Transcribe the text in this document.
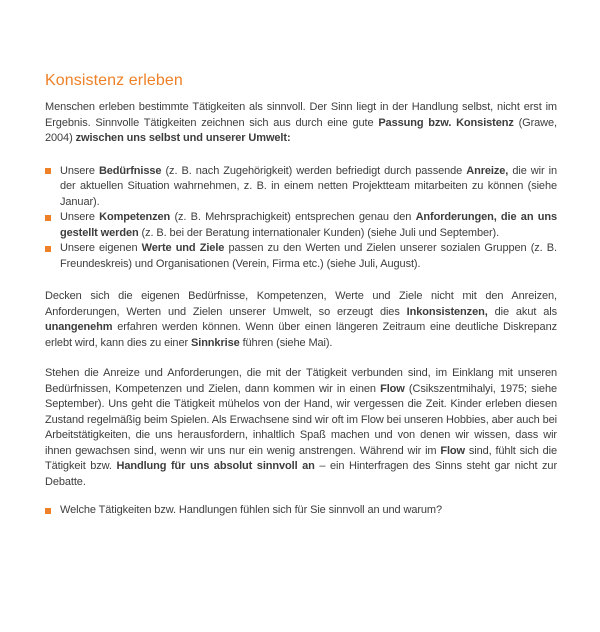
Konsistenz erleben

Menschen erleben bestimmte Tätigkeiten als sinnvoll. Der Sinn liegt in der Handlung selbst, nicht erst im Ergebnis. Sinnvolle Tätigkeiten zeichnen sich aus durch eine gute Passung bzw. Konsistenz (Grawe, 2004) zwischen uns selbst und unserer Umwelt:

Unsere Bedürfnisse (z. B. nach Zugehörigkeit) werden befriedigt durch passende Anreize, die wir in der aktuellen Situation wahrnehmen, z. B. in einem netten Projektteam mitarbeiten zu können (siehe Januar).
Unsere Kompetenzen (z. B. Mehrsprachigkeit) entsprechen genau den Anforderungen, die an uns gestellt werden (z. B. bei der Beratung internationaler Kunden) (siehe Juli und September).
Unsere eigenen Werte und Ziele passen zu den Werten und Zielen unserer sozialen Gruppen (z. B. Freundeskreis) und Organisationen (Verein, Firma etc.) (siehe Juli, August).

Decken sich die eigenen Bedürfnisse, Kompetenzen, Werte und Ziele nicht mit den Anreizen, Anforderungen, Werten und Zielen unserer Umwelt, so erzeugt dies Inkonsistenzen, die akut als unangenehm erfahren werden können. Wenn über einen längeren Zeitraum eine deutliche Diskrepanz erlebt wird, kann dies zu einer Sinnkrise führen (siehe Mai).

Stehen die Anreize und Anforderungen, die mit der Tätigkeit verbunden sind, im Einklang mit unseren Bedürfnissen, Kompetenzen und Zielen, dann kommen wir in einen Flow (Csikszentmihalyi, 1975; siehe September). Uns geht die Tätigkeit mühelos von der Hand, wir vergessen die Zeit. Kinder erleben diesen Zustand regelmäßig beim Spielen. Als Erwachsene sind wir oft im Flow bei unseren Hobbies, aber auch bei Arbeitstätigkeiten, die uns herausfordern, inhaltlich Spaß machen und von denen wir wissen, dass wir ihnen gewachsen sind, wenn wir uns nur ein wenig anstrengen. Während wir im Flow sind, fühlt sich die Tätigkeit bzw. Handlung für uns absolut sinnvoll an – ein Hinterfragen des Sinns steht gar nicht zur Debatte.

Welche Tätigkeiten bzw. Handlungen fühlen sich für Sie sinnvoll an und warum?
